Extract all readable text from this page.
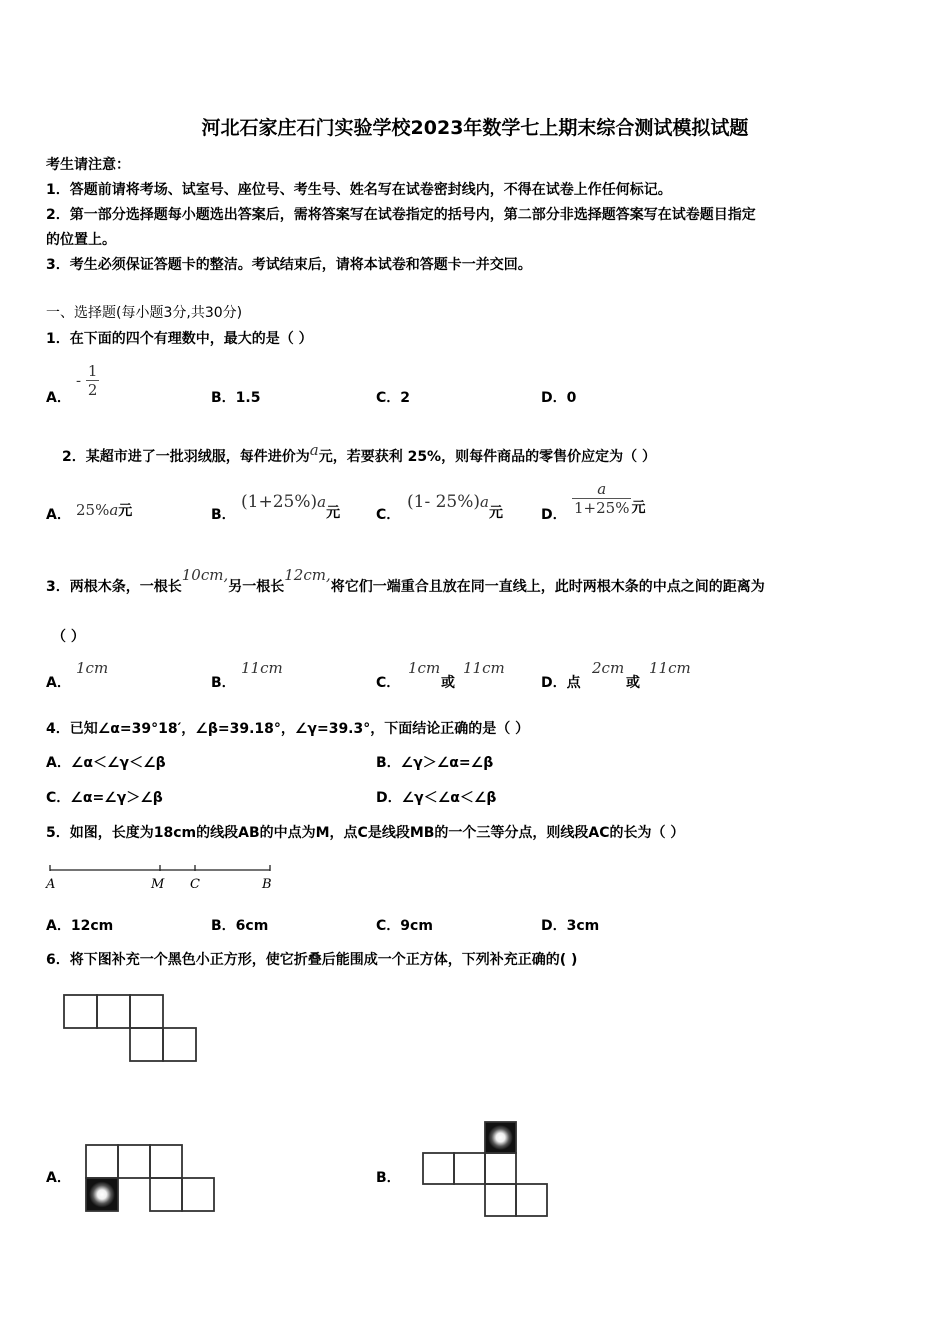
河北石家庄石门实验学校2023年数学七上期末综合测试模拟试题
考生请注意：
1．答题前请将考场、试室号、座位号、考生号、姓名写在试卷密封线内，不得在试卷上作任何标记。
2．第一部分选择题每小题选出答案后，需将答案写在试卷指定的括号内，第二部分非选择题答案写在试卷题目指定
的位置上。
3．考生必须保证答题卡的整洁。考试结束后，请将本试卷和答题卡一并交回。
一、选择题(每小题3分,共30分)
1．在下面的四个有理数中，最大的是（ ）
A．
- $\frac{1}{2}$	B．1.5	C．2	D．0
2．某超市进了一批羽绒服，每件进价为a元，若要获利 25%，则每件商品的零售价应定为（ ）
A． 25%a元	B．
(1+25%)a元	C．
(1- 25%)a元	D． $\frac{a}{1+25\%}$ 元
3．两根木条，一根长10cm,另一根长12cm,将它们一端重合且放在同一直线上，此时两根木条的中点之间的距离为
（ ）
A．
1cm
B．
11cm
C．
1cm
或
11cm
D．点
2cm
或
11cm
4．已知∠α=39°18′，∠β=39.18°，∠γ=39.3°，下面结论正确的是（ ）
A．∠α＜∠γ＜∠β	B．∠γ＞∠α=∠β
C．∠α=∠γ＞∠β	D．∠γ＜∠α＜∠β
5．如图，长度为18cm的线段AB的中点为M，点C是线段MB的一个三等分点，则线段AC的长为（ ）
A	M C	B
A．12cm	B．6cm	C．9cm	D．3cm
6．将下图补充一个黑色小正方形，使它折叠后能围成一个正方体，下列补充正确的( )
A．	B．
